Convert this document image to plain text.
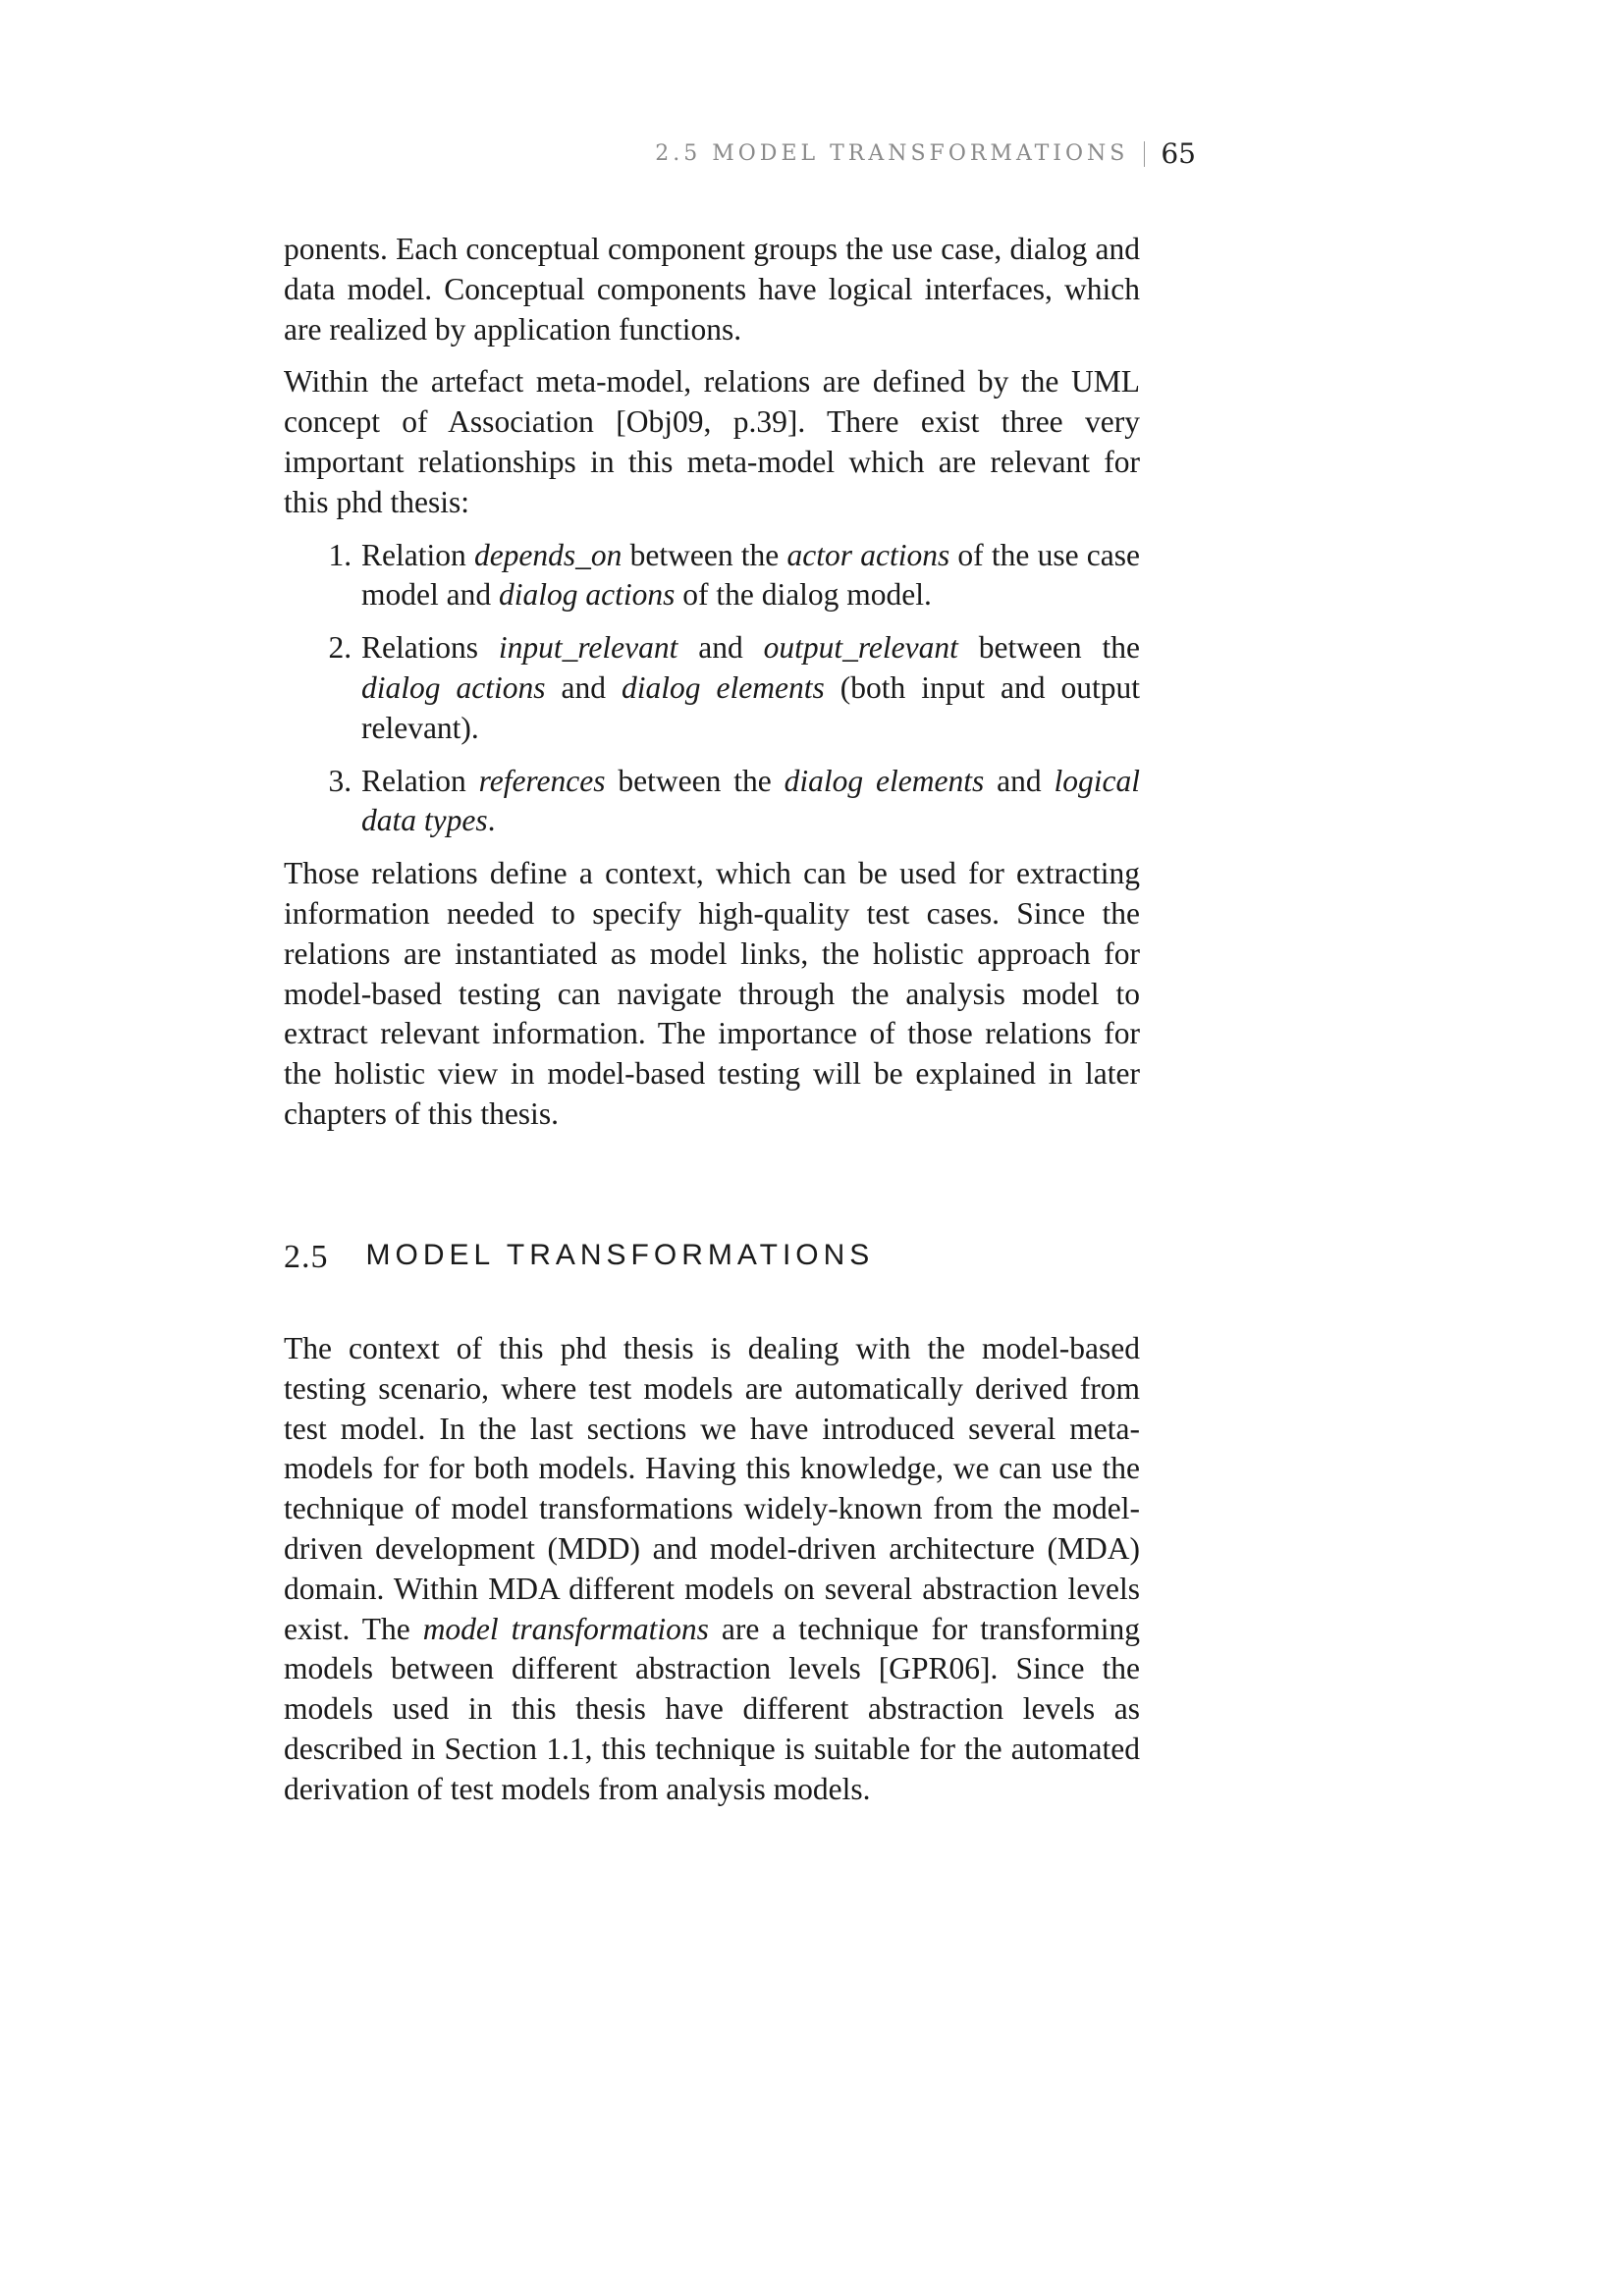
2.5 MODEL TRANSFORMATIONS 65

ponents. Each conceptual component groups the use case, dialog and data model. Conceptual components have logical interfaces, which are realized by application functions.

Within the artefact meta-model, relations are defined by the UML concept of Association [Obj09, p.39]. There exist three very important relationships in this meta-model which are relevant for this phd thesis:

1. Relation depends_on between the actor actions of the use case model and dialog actions of the dialog model.
2. Relations input_relevant and output_relevant between the dialog actions and dialog elements (both input and output relevant).
3. Relation references between the dialog elements and logical data types.

Those relations define a context, which can be used for extracting information needed to specify high-quality test cases. Since the relations are instantiated as model links, the holistic approach for model-based testing can navigate through the analysis model to extract relevant information. The importance of those relations for the holistic view in model-based testing will be explained in later chapters of this thesis.

2.5 MODEL TRANSFORMATIONS

The context of this phd thesis is dealing with the model-based testing scenario, where test models are automatically derived from test model. In the last sections we have introduced several meta-models for for both models. Having this knowledge, we can use the technique of model transformations widely-known from the model-driven development (MDD) and model-driven architecture (MDA) domain. Within MDA different models on several abstraction levels exist. The model transformations are a technique for transforming models between different abstraction levels [GPR06]. Since the models used in this thesis have different abstraction levels as described in Section 1.1, this technique is suitable for the automated derivation of test models from analysis models.
